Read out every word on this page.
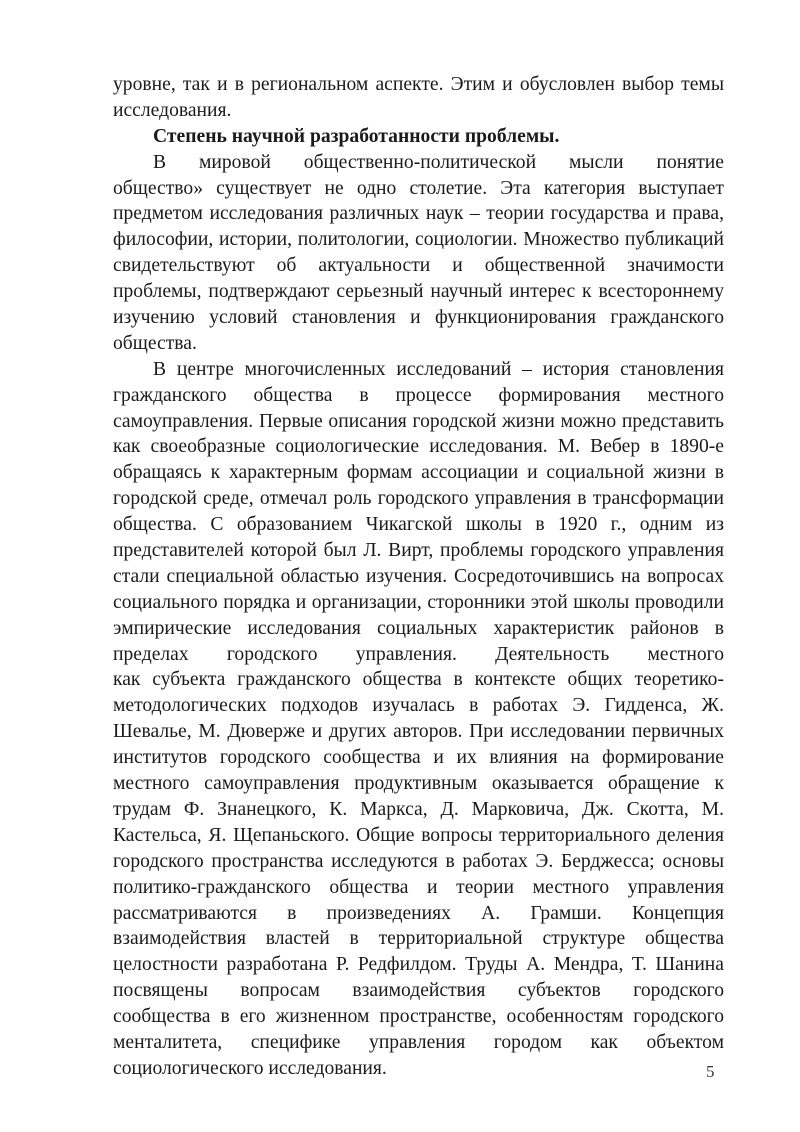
уровне, так и в региональном аспекте. Этим и обусловлен выбор темы
исследования.
Степень научной разработанности проблемы.
В мировой общественно-политической мысли понятие
общество» существует не одно столетие. Эта категория выступает
предметом исследования различных наук – теории государства и права,
философии, истории, политологии, социологии. Множество публикаций
свидетельствуют об актуальности и общественной значимости
проблемы, подтверждают серьезный научный интерес к всестороннему
изучению условий становления и функционирования гражданского
общества.
В центре многочисленных исследований – история становления
гражданского общества в процессе формирования местного
самоуправления. Первые описания городской жизни можно представить
как своеобразные социологические исследования. М. Вебер в 1890-е
обращаясь к характерным формам ассоциации и социальной жизни в
городской среде, отмечал роль городского управления в трансформации
общества. С образованием Чикагской школы в 1920 г., одним из
представителей которой был Л. Вирт, проблемы городского управления
стали специальной областью изучения. Сосредоточившись на вопросах
социального порядка и организации, сторонники этой школы проводили
эмпирические исследования социальных характеристик районов в
пределах городского управления. Деятельность местного
как субъекта гражданского общества в контексте общих теоретико-
методологических подходов изучалась в работах Э. Гидденса, Ж.
Шевалье, М. Дюверже и других авторов. При исследовании первичных
институтов городского сообщества и их влияния на формирование
местного самоуправления продуктивным оказывается обращение к
трудам Ф. Знанецкого, К. Маркса, Д. Марковича, Дж. Скотта, М.
Кастельса, Я. Щепаньского. Общие вопросы территориального деления
городского пространства исследуются в работах Э. Берджесса; основы
политико-гражданского общества и теории местного управления
рассматриваются в произведениях А. Грамши. Концепция
взаимодействия властей в территориальной структуре общества
целостности разработана Р. Редфилдом. Труды А. Мендра, Т. Шанина
посвящены вопросам взаимодействия субъектов городского
сообщества в его жизненном пространстве, особенностям городского
менталитета, специфике управления городом как объектом
социологического исследования.	5
